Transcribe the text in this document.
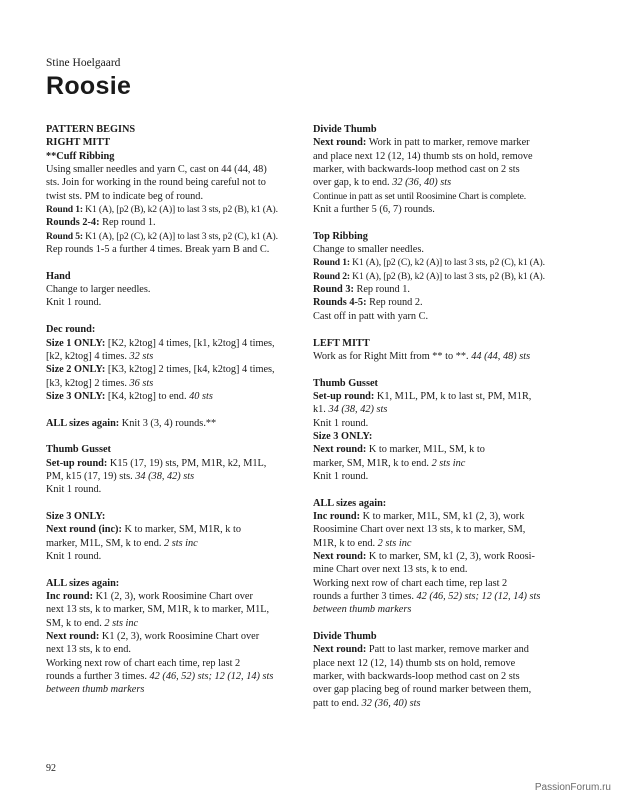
Stine Hoelgaard
Roosie
PATTERN BEGINS
RIGHT MITT
**Cuff Ribbing
Using smaller needles and yarn C, cast on 44 (44, 48)
sts. Join for working in the round being careful not to
twist sts. PM to indicate beg of round.
Round 1: K1 (A), [p2 (B), k2 (A)] to last 3 sts, p2 (B), k1 (A).
Rounds 2-4: Rep round 1.
Round 5: K1 (A), [p2 (C), k2 (A)] to last 3 sts, p2 (C), k1 (A).
Rep rounds 1-5 a further 4 times. Break yarn B and C.
Hand
Change to larger needles.
Knit 1 round.
Dec round:
Size 1 ONLY: [K2, k2tog] 4 times, [k1, k2tog] 4 times,
[k2, k2tog] 4 times. 32 sts
Size 2 ONLY: [K3, k2tog] 2 times, [k4, k2tog] 4 times,
[k3, k2tog] 2 times. 36 sts
Size 3 ONLY: [K4, k2tog] to end. 40 sts
ALL sizes again: Knit 3 (3, 4) rounds.**
Thumb Gusset
Set-up round: K15 (17, 19) sts, PM, M1R, k2, M1L,
PM, k15 (17, 19) sts. 34 (38, 42) sts
Knit 1 round.
Size 3 ONLY:
Next round (inc): K to marker, SM, M1R, k to
marker, M1L, SM, k to end. 2 sts inc
Knit 1 round.
ALL sizes again:
Inc round: K1 (2, 3), work Roosimine Chart over
next 13 sts, k to marker, SM, M1R, k to marker, M1L,
SM, k to end. 2 sts inc
Next round: K1 (2, 3), work Roosimine Chart over
next 13 sts, k to end.
Working next row of chart each time, rep last 2
rounds a further 3 times. 42 (46, 52) sts; 12 (12, 14) sts
between thumb markers
Divide Thumb
Next round: Work in patt to marker, remove marker
and place next 12 (12, 14) thumb sts on hold, remove
marker, with backwards-loop method cast on 2 sts
over gap, k to end. 32 (36, 40) sts
Continue in patt as set until Roosimine Chart is complete.
Knit a further 5 (6, 7) rounds.
Top Ribbing
Change to smaller needles.
Round 1: K1 (A), [p2 (C), k2 (A)] to last 3 sts, p2 (C), k1 (A).
Round 2: K1 (A), [p2 (B), k2 (A)] to last 3 sts, p2 (B), k1 (A).
Round 3: Rep round 1.
Rounds 4-5: Rep round 2.
Cast off in patt with yarn C.
LEFT MITT
Work as for Right Mitt from ** to **. 44 (44, 48) sts
Thumb Gusset
Set-up round: K1, M1L, PM, k to last st, PM, M1R,
k1. 34 (38, 42) sts
Knit 1 round.
Size 3 ONLY:
Next round: K to marker, M1L, SM, k to
marker, SM, M1R, k to end. 2 sts inc
Knit 1 round.
ALL sizes again:
Inc round: K to marker, M1L, SM, k1 (2, 3), work
Roosimine Chart over next 13 sts, k to marker, SM,
M1R, k to end. 2 sts inc
Next round: K to marker, SM, k1 (2, 3), work Roosi-
mine Chart over next 13 sts, k to end.
Working next row of chart each time, rep last 2
rounds a further 3 times. 42 (46, 52) sts; 12 (12, 14) sts
between thumb markers
Divide Thumb
Next round: Patt to last marker, remove marker and
place next 12 (12, 14) thumb sts on hold, remove
marker, with backwards-loop method cast on 2 sts
over gap placing beg of round marker between them,
patt to end. 32 (36, 40) sts
92
PassionForum.ru
